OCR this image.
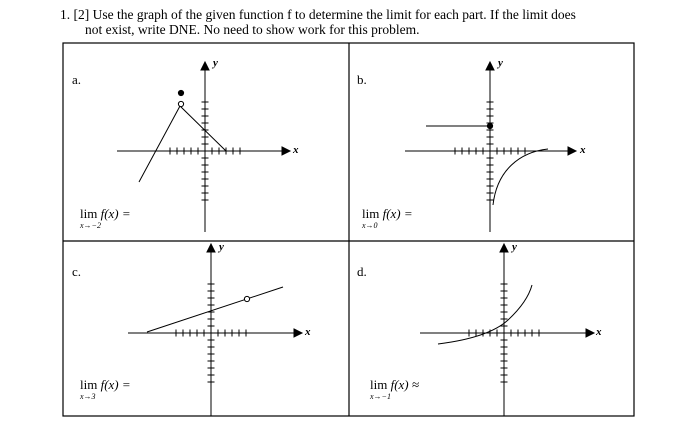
1. [2] Use the graph of the given function f to determine the limit for each part. If the limit does
not exist, write DNE. No need to show work for this problem.
y
x
y
x
y
x
y
x
a.	b.
c.	d.
lim f(x) =
x→−2
lim f(x) =
x→0
lim f(x) =
x→3
lim f(x) ≈
x→−1
